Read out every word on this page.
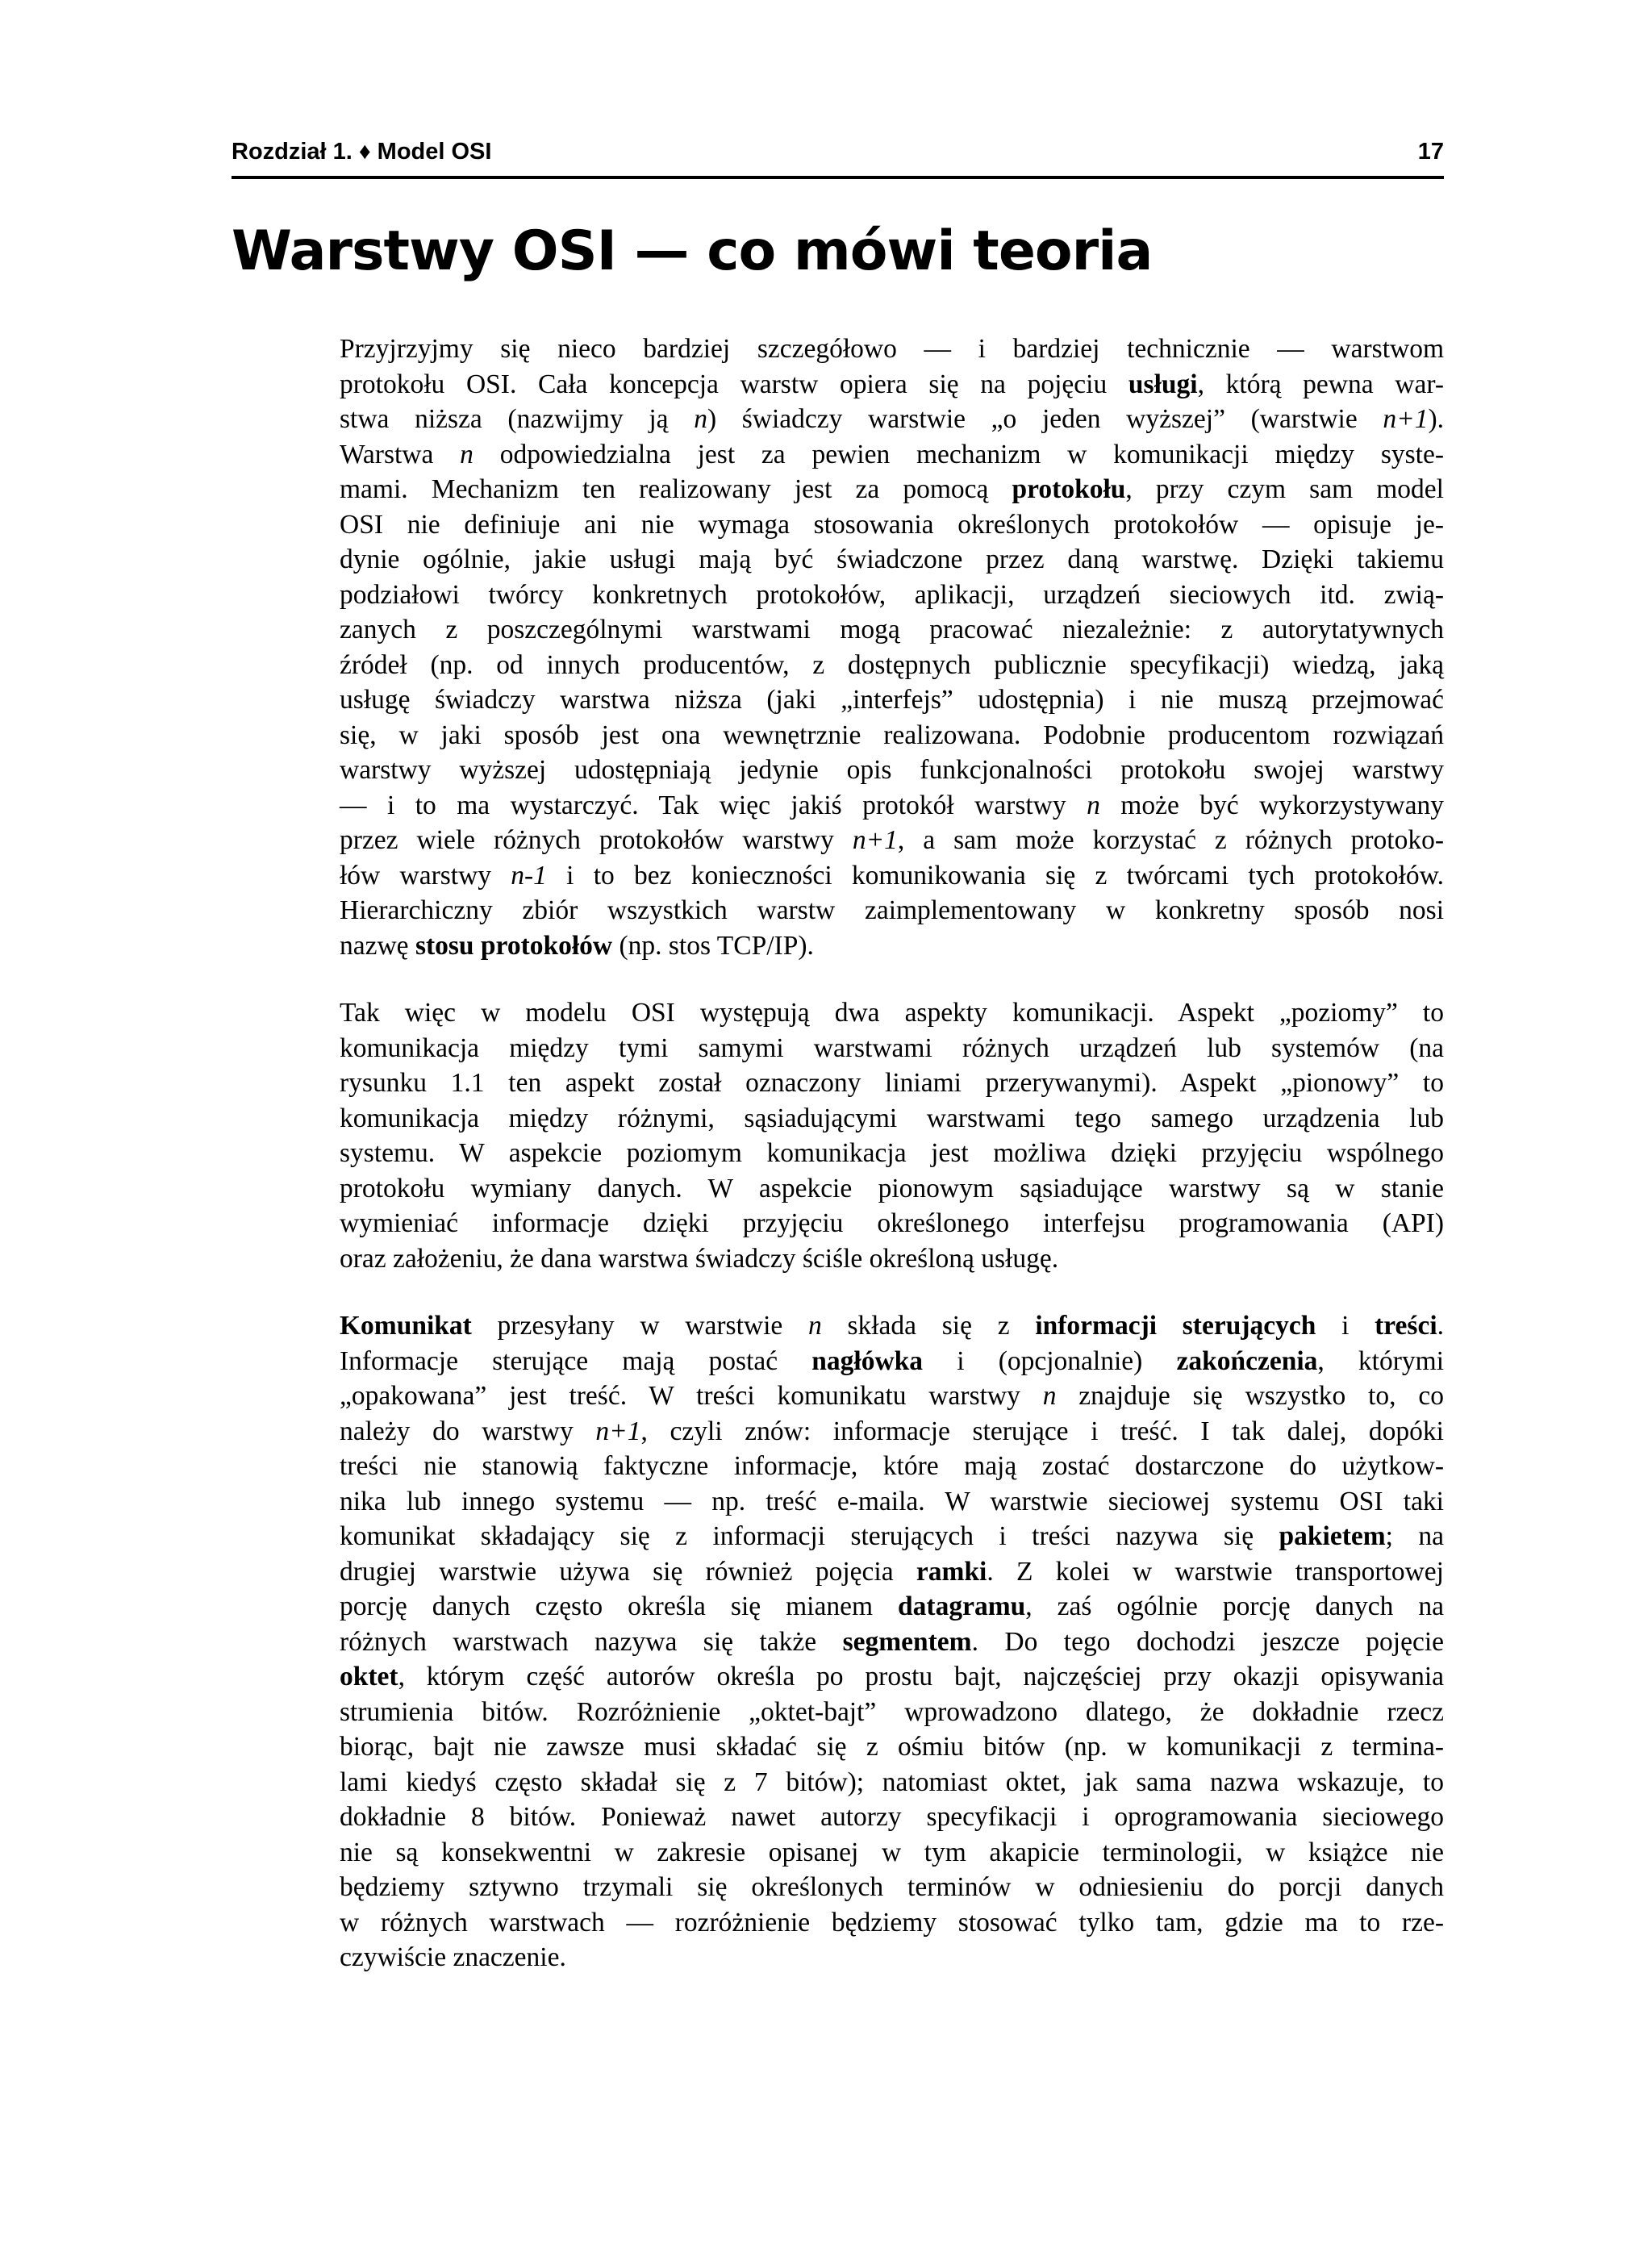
Rozdział 1. ♦ Model OSI	17
Warstwy OSI — co mówi teoria
Przyjrzyjmy się nieco bardziej szczegółowo — i bardziej technicznie — warstwom
protokołu OSI. Cała koncepcja warstw opiera się na pojęciu usługi, którą pewna war-
stwa niższa (nazwijmy ją n) świadczy warstwie „o jeden wyższej” (warstwie n+1).
Warstwa n odpowiedzialna jest za pewien mechanizm w komunikacji między syste-
mami. Mechanizm ten realizowany jest za pomocą protokołu, przy czym sam model
OSI nie definiuje ani nie wymaga stosowania określonych protokołów — opisuje je-
dynie ogólnie, jakie usługi mają być świadczone przez daną warstwę. Dzięki takiemu
podziałowi twórcy konkretnych protokołów, aplikacji, urządzeń sieciowych itd. zwią-
zanych z poszczególnymi warstwami mogą pracować niezależnie: z autorytatywnych
źródeł (np. od innych producentów, z dostępnych publicznie specyfikacji) wiedzą, jaką
usługę świadczy warstwa niższa (jaki „interfejs” udostępnia) i nie muszą przejmować
się, w jaki sposób jest ona wewnętrznie realizowana. Podobnie producentom rozwiązań
warstwy wyższej udostępniają jedynie opis funkcjonalności protokołu swojej warstwy
— i to ma wystarczyć. Tak więc jakiś protokół warstwy n może być wykorzystywany
przez wiele różnych protokołów warstwy n+1, a sam może korzystać z różnych protoko-
łów warstwy n-1 i to bez konieczności komunikowania się z twórcami tych protokołów.
Hierarchiczny zbiór wszystkich warstw zaimplementowany w konkretny sposób nosi
nazwę stosu protokołów (np. stos TCP/IP).
Tak więc w modelu OSI występują dwa aspekty komunikacji. Aspekt „poziomy” to
komunikacja między tymi samymi warstwami różnych urządzeń lub systemów (na
rysunku 1.1 ten aspekt został oznaczony liniami przerywanymi). Aspekt „pionowy” to
komunikacja między różnymi, sąsiadującymi warstwami tego samego urządzenia lub
systemu. W aspekcie poziomym komunikacja jest możliwa dzięki przyjęciu wspólnego
protokołu wymiany danych. W aspekcie pionowym sąsiadujące warstwy są w stanie
wymieniać informacje dzięki przyjęciu określonego interfejsu programowania (API)
oraz założeniu, że dana warstwa świadczy ściśle określoną usługę.
Komunikat przesyłany w warstwie n składa się z informacji sterujących i treści.
Informacje sterujące mają postać nagłówka i (opcjonalnie) zakończenia, którymi
„opakowana” jest treść. W treści komunikatu warstwy n znajduje się wszystko to, co
należy do warstwy n+1, czyli znów: informacje sterujące i treść. I tak dalej, dopóki
treści nie stanowią faktyczne informacje, które mają zostać dostarczone do użytkow-
nika lub innego systemu — np. treść e-maila. W warstwie sieciowej systemu OSI taki
komunikat składający się z informacji sterujących i treści nazywa się pakietem; na
drugiej warstwie używa się również pojęcia ramki. Z kolei w warstwie transportowej
porcję danych często określa się mianem datagramu, zaś ogólnie porcję danych na
różnych warstwach nazywa się także segmentem. Do tego dochodzi jeszcze pojęcie
oktet, którym część autorów określa po prostu bajt, najczęściej przy okazji opisywania
strumienia bitów. Rozróżnienie „oktet-bajt” wprowadzono dlatego, że dokładnie rzecz
biorąc, bajt nie zawsze musi składać się z ośmiu bitów (np. w komunikacji z termina-
lami kiedyś często składał się z 7 bitów); natomiast oktet, jak sama nazwa wskazuje, to
dokładnie 8 bitów. Ponieważ nawet autorzy specyfikacji i oprogramowania sieciowego
nie są konsekwentni w zakresie opisanej w tym akapicie terminologii, w książce nie
będziemy sztywno trzymali się określonych terminów w odniesieniu do porcji danych
w różnych warstwach — rozróżnienie będziemy stosować tylko tam, gdzie ma to rze-
czywiście znaczenie.
